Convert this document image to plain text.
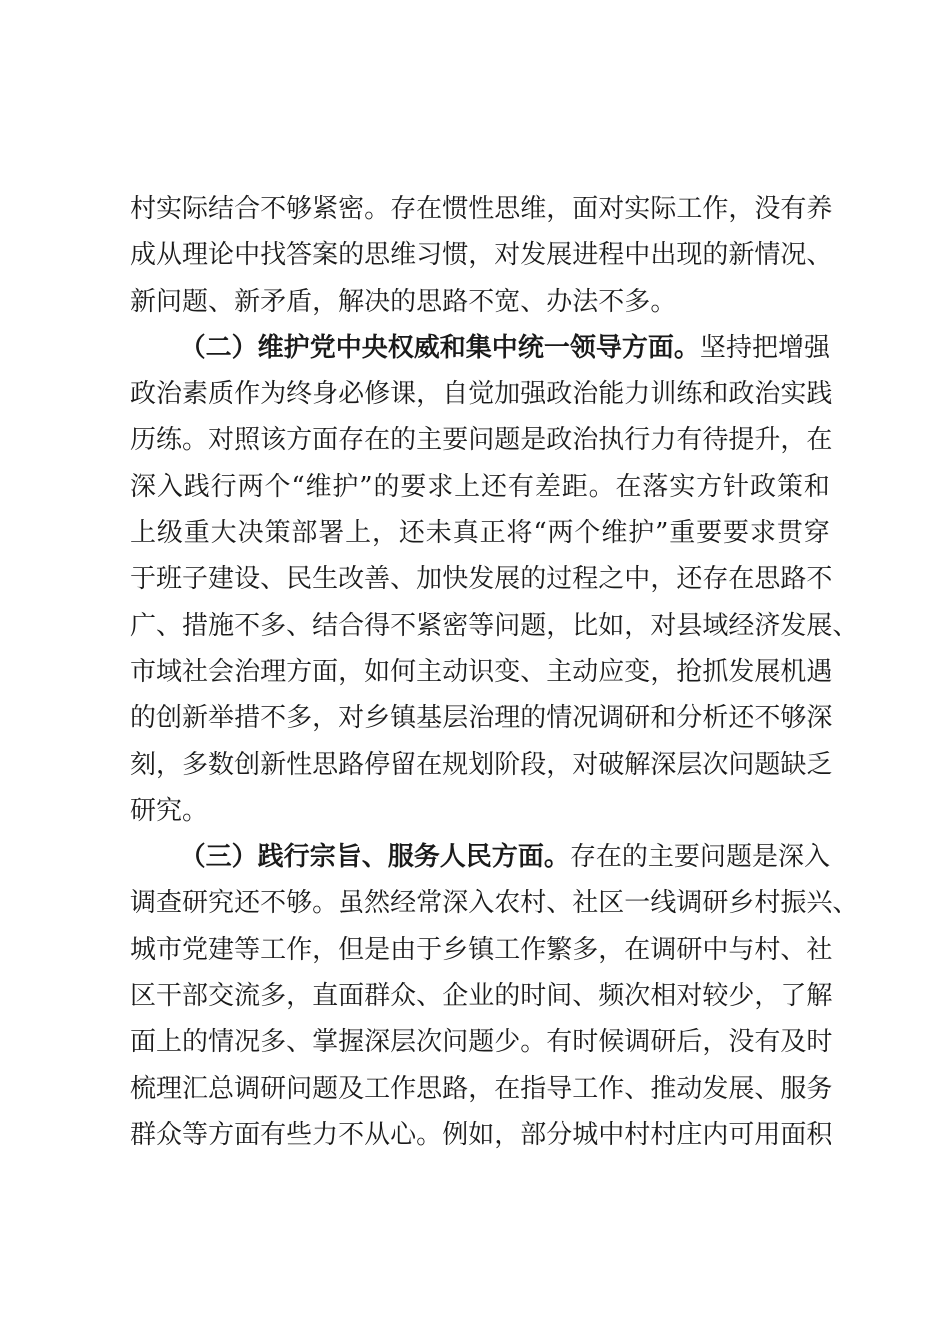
村 实 际 结 合 不 够 紧 密 。 存 在 惯 性 思 维 ， 面 对 实 际 工 作 ， 没 有 养
成 从 理 论 中 找 答 案 的 思 维 习 惯 ， 对 发 展 进 程 中 出 现 的 新 情 况 、
新 问 题 、 新 矛 盾 ， 解 决 的 思 路 不 宽 、 办 法 不 多 。
（ 二 ） 维 护 党 中 央 权 威 和 集 中 统 一 领 导 方 面 。 坚 持 把 增 强
政 治 素 质 作 为 终 身 必 修 课 ， 自 觉 加 强 政 治 能 力 训 练 和 政 治 实 践
历 练 。 对 照 该 方 面 存 在 的 主 要 问 题 是 政 治 执 行 力 有 待 提 升 ， 在
深 入 践 行 两 个 “ 维 护 ” 的 要 求 上 还 有 差 距 。 在 落 实 方 针 政 策 和
上 级 重 大 决 策 部 署 上 ， 还 未 真 正 将 “ 两 个 维 护 ” 重 要 要 求 贯 穿
于 班 子 建 设 、 民 生 改 善 、 加 快 发 展 的 过 程 之 中 ， 还 存 在 思 路 不
广 、 措 施 不 多 、 结 合 得 不 紧 密 等 问 题 ， 比 如 ， 对 县 域 经 济 发 展 、
市 域 社 会 治 理 方 面 ， 如 何 主 动 识 变 、 主 动 应 变 ， 抢 抓 发 展 机 遇
的 创 新 举 措 不 多 ， 对 乡 镇 基 层 治 理 的 情 况 调 研 和 分 析 还 不 够 深
刻 ， 多 数 创 新 性 思 路 停 留 在 规 划 阶 段 ， 对 破 解 深 层 次 问 题 缺 乏
研 究 。
（ 三 ） 践 行 宗 旨 、 服 务 人 民 方 面 。 存 在 的 主 要 问 题 是 深 入
调 查 研 究 还 不 够 。 虽 然 经 常 深 入 农 村 、 社 区 一 线 调 研 乡 村 振 兴 、
城 市 党 建 等 工 作 ， 但 是 由 于 乡 镇 工 作 繁 多 ， 在 调 研 中 与 村 、 社
区 干 部 交 流 多 ， 直 面 群 众 、 企 业 的 时 间 、 频 次 相 对 较 少 ， 了 解
面 上 的 情 况 多 、 掌 握 深 层 次 问 题 少 。 有 时 候 调 研 后 ， 没 有 及 时
梳 理 汇 总 调 研 问 题 及 工 作 思 路 ， 在 指 导 工 作 、 推 动 发 展 、 服 务
群 众 等 方 面 有 些 力 不 从 心 。 例 如 ， 部 分 城 中 村 村 庄 内 可 用 面 积
